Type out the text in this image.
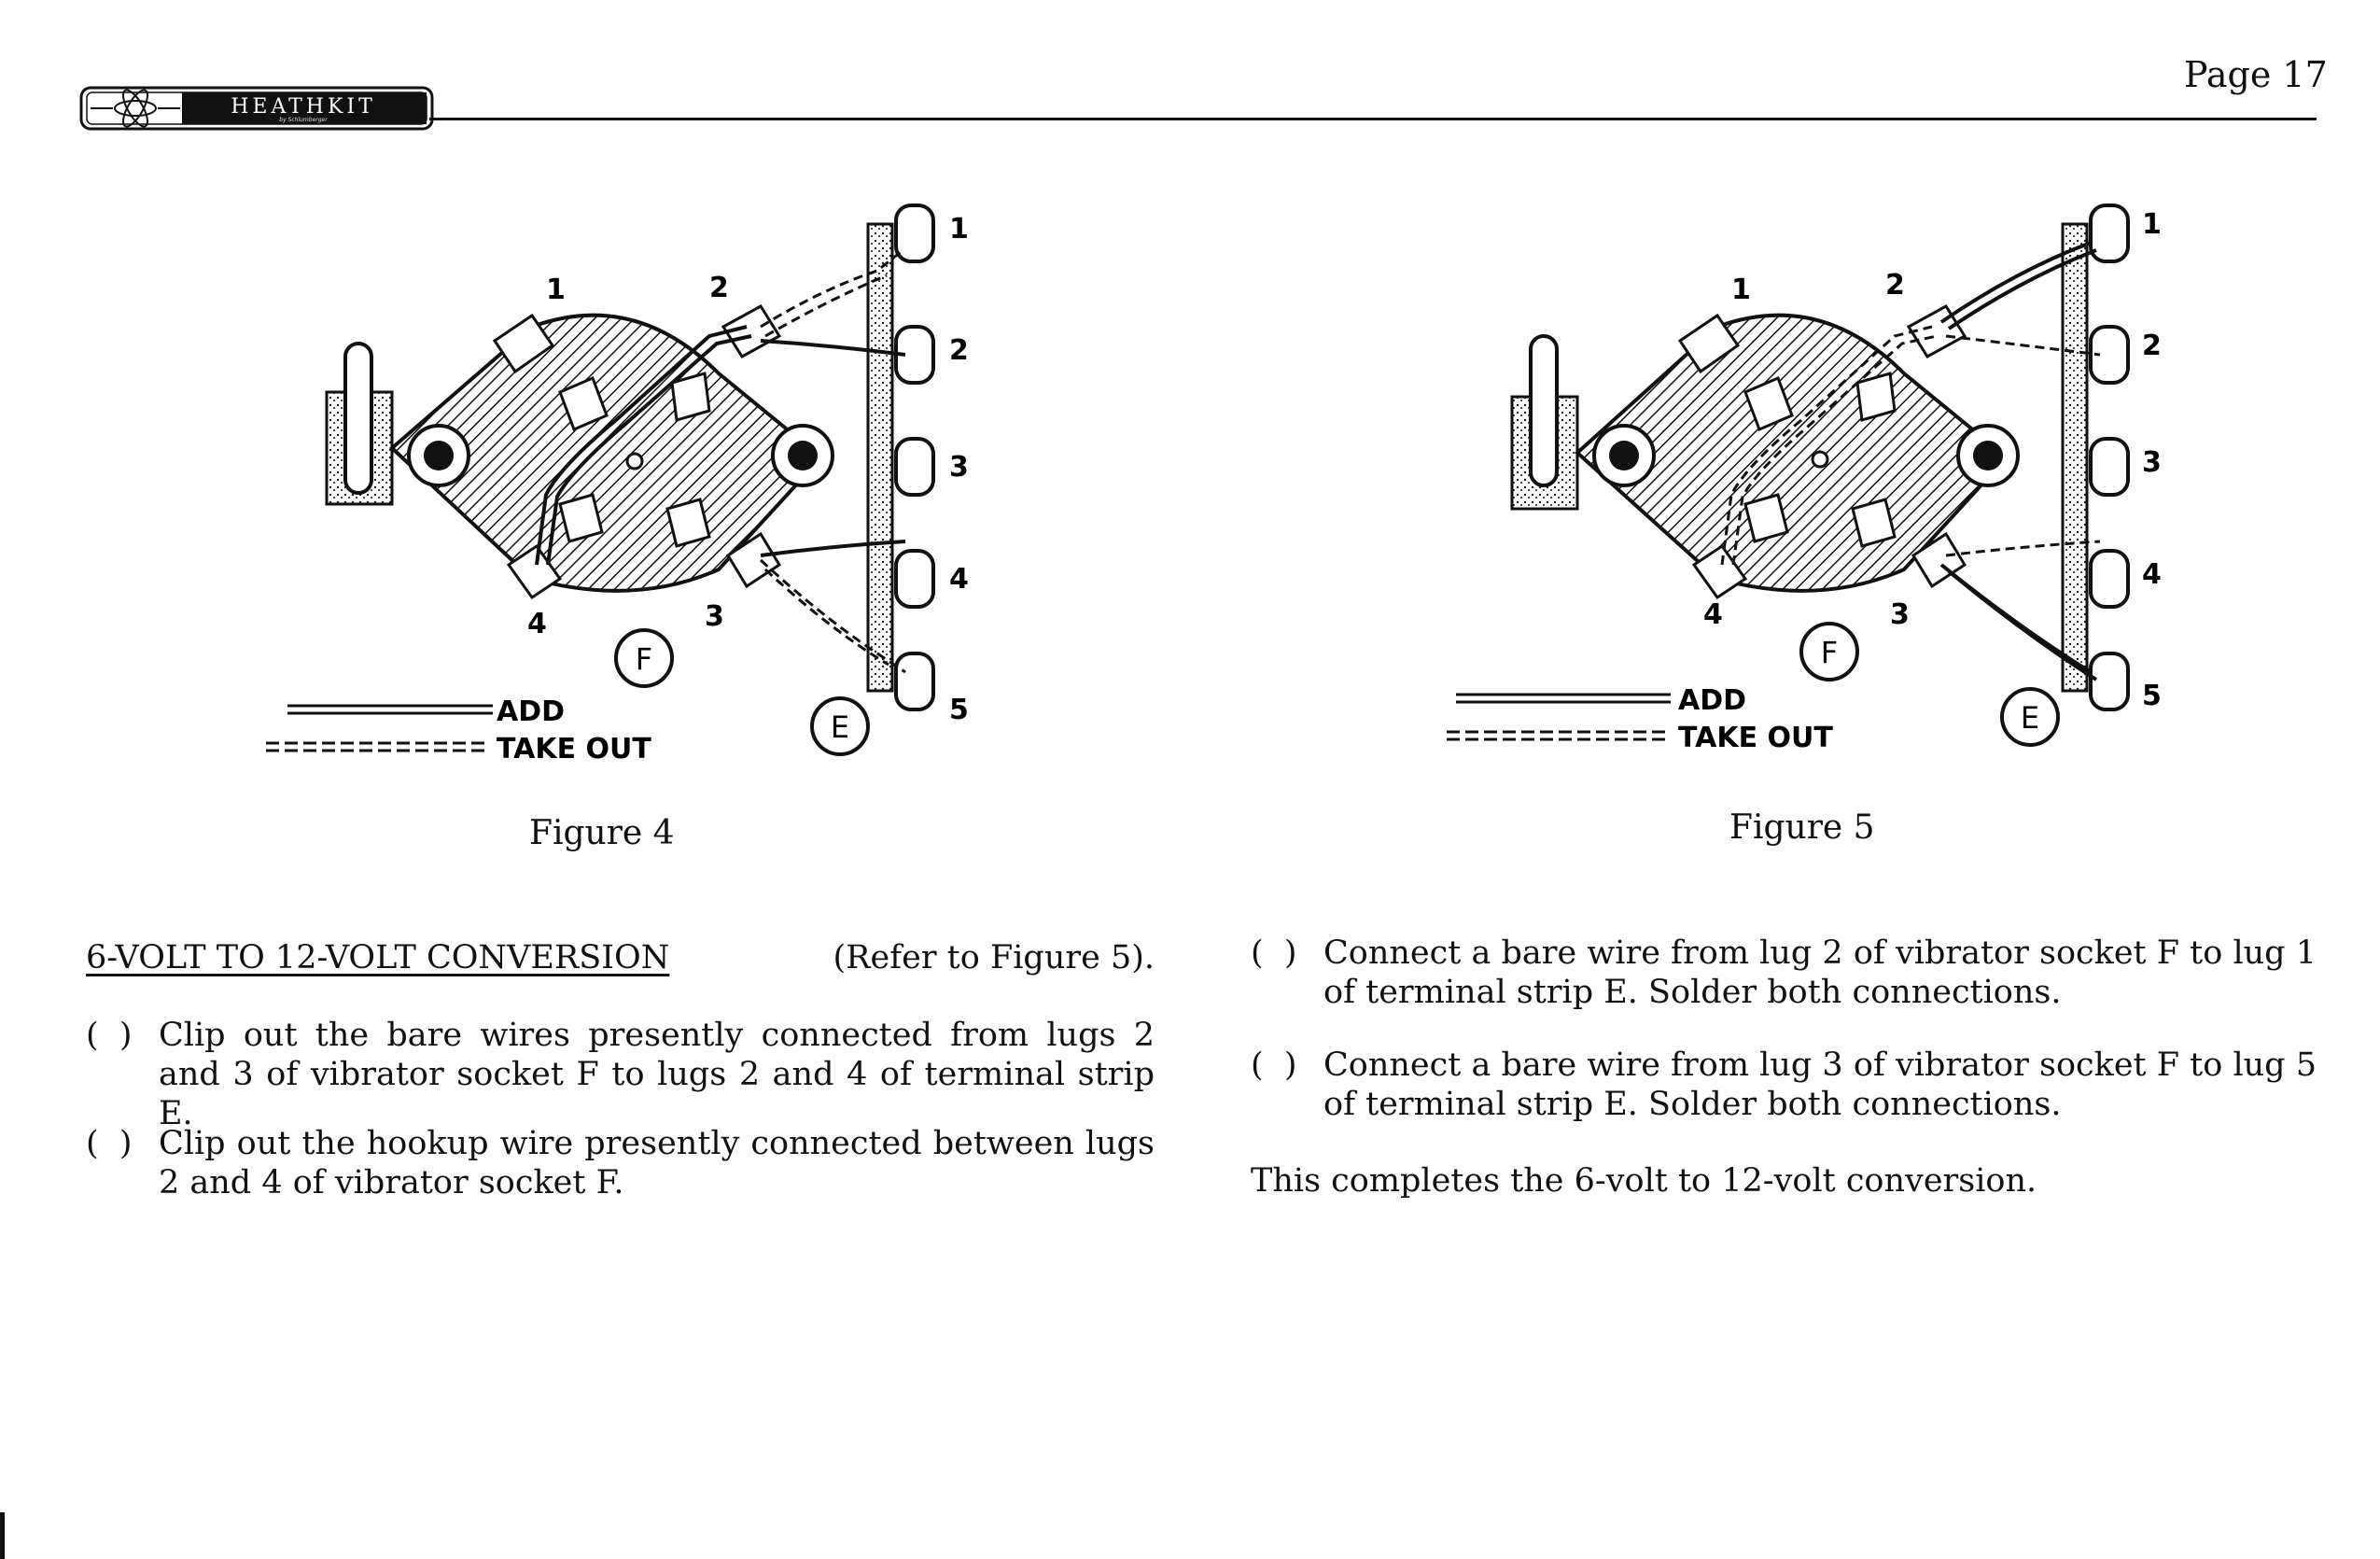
HEATHKIT
by Schlumberger
Page 17
1	2
3
4
1
2
3
4
5
F
E
ADD
TAKE OUT
Figure 4
1	2
3
4
1
2
3
4
5
F
E
ADD
TAKE OUT
Figure 5
6-VOLT TO 12-VOLT CONVERSION	(Refer to Figure 5).
(  ) Clip out the bare wires presently connected from lugs 2 and 3 of vibrator socket F to lugs 2 and 4 of terminal strip E.
(  ) Clip out the hookup wire presently connected between lugs 2 and 4 of vibrator socket F.
(  ) Connect a bare wire from lug 2 of vibrator socket F to lug 1 of terminal strip E. Solder both connections.
(  ) Connect a bare wire from lug 3 of vibrator socket F to lug 5 of terminal strip E. Solder both connections.
This completes the 6-volt to 12-volt conversion.
